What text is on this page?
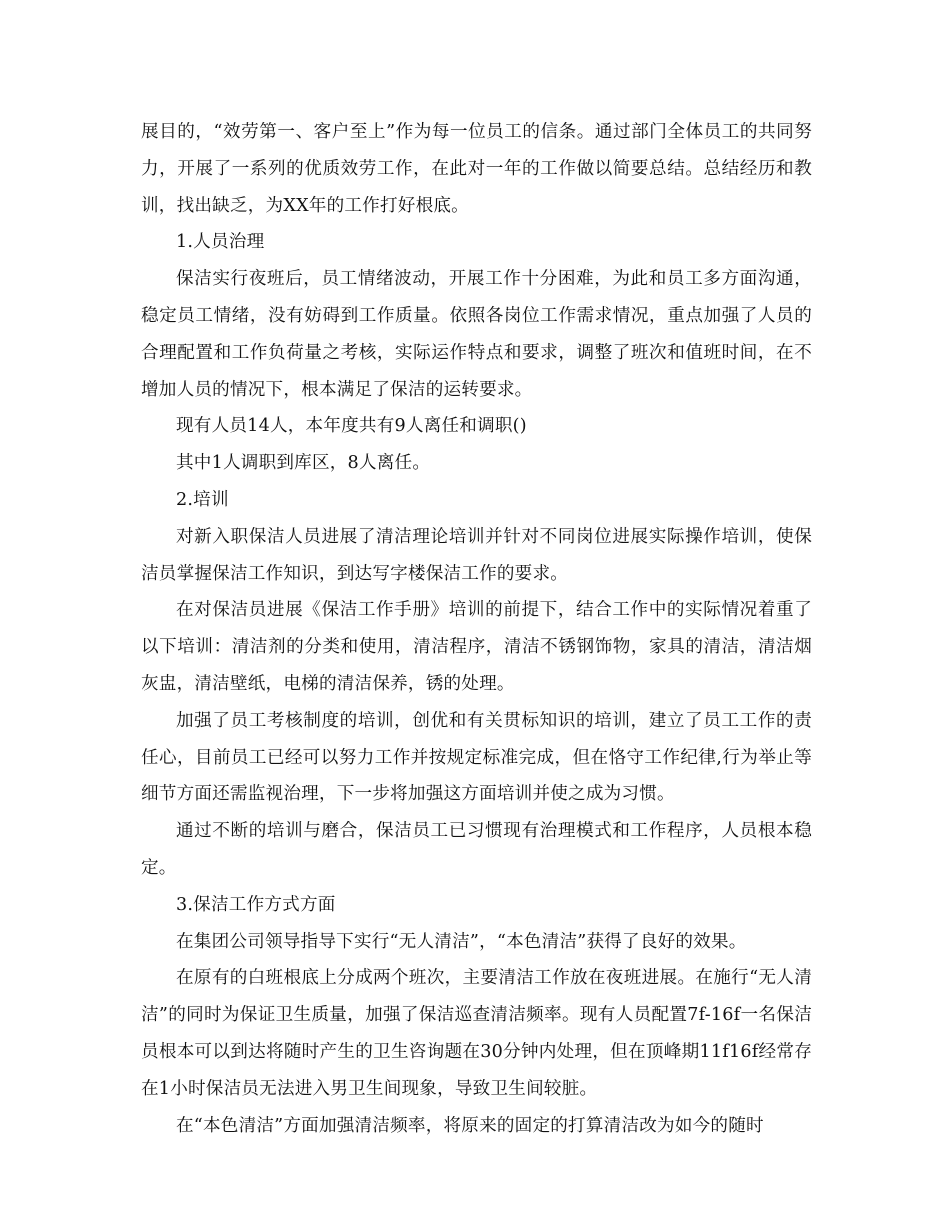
展目的，“效劳第一、客户至上”作为每一位员工的信条。通过部门全体员工的共同努力，开展了一系列的优质效劳工作，在此对一年的工作做以简要总结。总结经历和教训，找出缺乏，为XX年的工作打好根底。

1.人员治理

保洁实行夜班后，员工情绪波动，开展工作十分困难，为此和员工多方面沟通，稳定员工情绪，没有妨碍到工作质量。依照各岗位工作需求情况，重点加强了人员的合理配置和工作负荷量之考核，实际运作特点和要求，调整了班次和值班时间，在不增加人员的情况下，根本满足了保洁的运转要求。

现有人员14人，本年度共有9人离任和调职()

其中1人调职到库区，8人离任。

2.培训

对新入职保洁人员进展了清洁理论培训并针对不同岗位进展实际操作培训，使保洁员掌握保洁工作知识，到达写字楼保洁工作的要求。

在对保洁员进展《保洁工作手册》培训的前提下，结合工作中的实际情况着重了以下培训：清洁剂的分类和使用，清洁程序，清洁不锈钢饰物，家具的清洁，清洁烟灰盅，清洁壁纸，电梯的清洁保养，锈的处理。

加强了员工考核制度的培训，创优和有关贯标知识的培训，建立了员工工作的责任心，目前员工已经可以努力工作并按规定标准完成，但在恪守工作纪律,行为举止等细节方面还需监视治理，下一步将加强这方面培训并使之成为习惯。

通过不断的培训与磨合，保洁员工已习惯现有治理模式和工作程序，人员根本稳定。

3.保洁工作方式方面

在集团公司领导指导下实行“无人清洁”，“本色清洁”获得了良好的效果。

在原有的白班根底上分成两个班次，主要清洁工作放在夜班进展。在施行“无人清洁”的同时为保证卫生质量，加强了保洁巡查清洁频率。现有人员配置7f-16f一名保洁员根本可以到达将随时产生的卫生咨询题在30分钟内处理，但在顶峰期11f16f经常存在1小时保洁员无法进入男卫生间现象，导致卫生间较脏。

在“本色清洁”方面加强清洁频率，将原来的固定的打算清洁改为如今的随时
